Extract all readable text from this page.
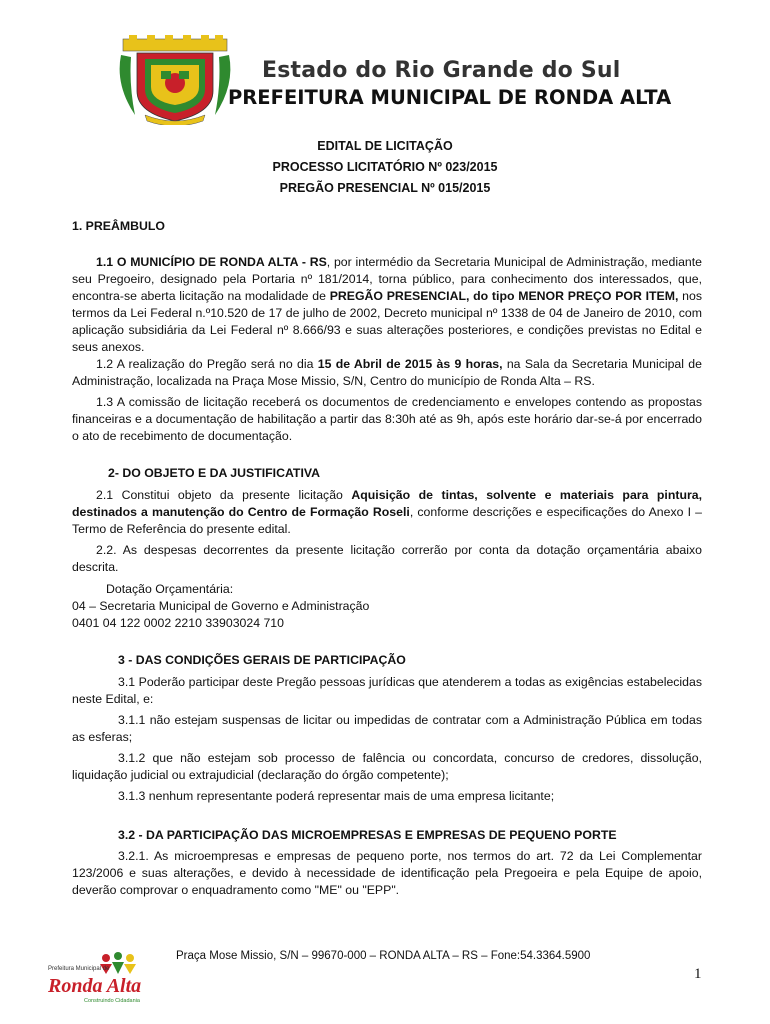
Estado do Rio Grande do Sul
PREFEITURA MUNICIPAL DE RONDA ALTA
EDITAL DE LICITAÇÃO
PROCESSO LICITATÓRIO Nº 023/2015
PREGÃO PRESENCIAL Nº 015/2015

1. PREÂMBULO

1.1 O MUNICÍPIO DE RONDA ALTA - RS, por intermédio da Secretaria Municipal de Administração, mediante seu Pregoeiro, designado pela Portaria nº 181/2014, torna público, para conhecimento dos interessados, que, encontra-se aberta licitação na modalidade de PREGÃO PRESENCIAL, do tipo MENOR PREÇO POR ITEM, nos termos da Lei Federal n.º10.520 de 17 de julho de 2002, Decreto municipal nº 1338 de 04 de Janeiro de 2010, com aplicação subsidiária da Lei Federal nº 8.666/93 e suas alterações posteriores, e condições previstas no Edital e seus anexos.

1.2 A realização do Pregão será no dia 15 de Abril de 2015 às 9 horas, na Sala da Secretaria Municipal de Administração, localizada na Praça Mose Missio, S/N, Centro do município de Ronda Alta – RS.

1.3 A comissão de licitação receberá os documentos de credenciamento e envelopes contendo as propostas financeiras e a documentação de habilitação a partir das 8:30h até as 9h, após este horário dar-se-á por encerrado o ato de recebimento de documentação.

2- DO OBJETO E DA JUSTIFICATIVA

2.1 Constitui objeto da presente licitação Aquisição de tintas, solvente e materiais para pintura, destinados a manutenção do Centro de Formação Roseli, conforme descrições e especificações do Anexo I – Termo de Referência do presente edital.

2.2. As despesas decorrentes da presente licitação correrão por conta da dotação orçamentária abaixo descrita.

Dotação Orçamentária:

04 – Secretaria Municipal de Governo e Administração

0401 04 122 0002 2210 33903024 710

3 - DAS CONDIÇÕES GERAIS DE PARTICIPAÇÃO

3.1 Poderão participar deste Pregão pessoas jurídicas que atenderem a todas as exigências estabelecidas neste Edital, e:

3.1.1 não estejam suspensas de licitar ou impedidas de contratar com a Administração Pública em todas as esferas;

3.1.2 que não estejam sob processo de falência ou concordata, concurso de credores, dissolução, liquidação judicial ou extrajudicial (declaração do órgão competente);

3.1.3 nenhum representante poderá representar mais de uma empresa licitante;

3.2 - DA PARTICIPAÇÃO DAS MICROEMPRESAS E EMPRESAS DE PEQUENO PORTE

3.2.1. As microempresas e empresas de pequeno porte, nos termos do art. 72 da Lei Complementar 123/2006 e suas alterações, e devido à necessidade de identificação pela Pregoeira e pela Equipe de apoio, deverão comprovar o enquadramento como "ME" ou "EPP".

Prefeitura Municipal de
Ronda Alta
Construindo Cidadania
Praça Mose Missio, S/N – 99670-000 – RONDA ALTA – RS – Fone:54.3364.5900
1
